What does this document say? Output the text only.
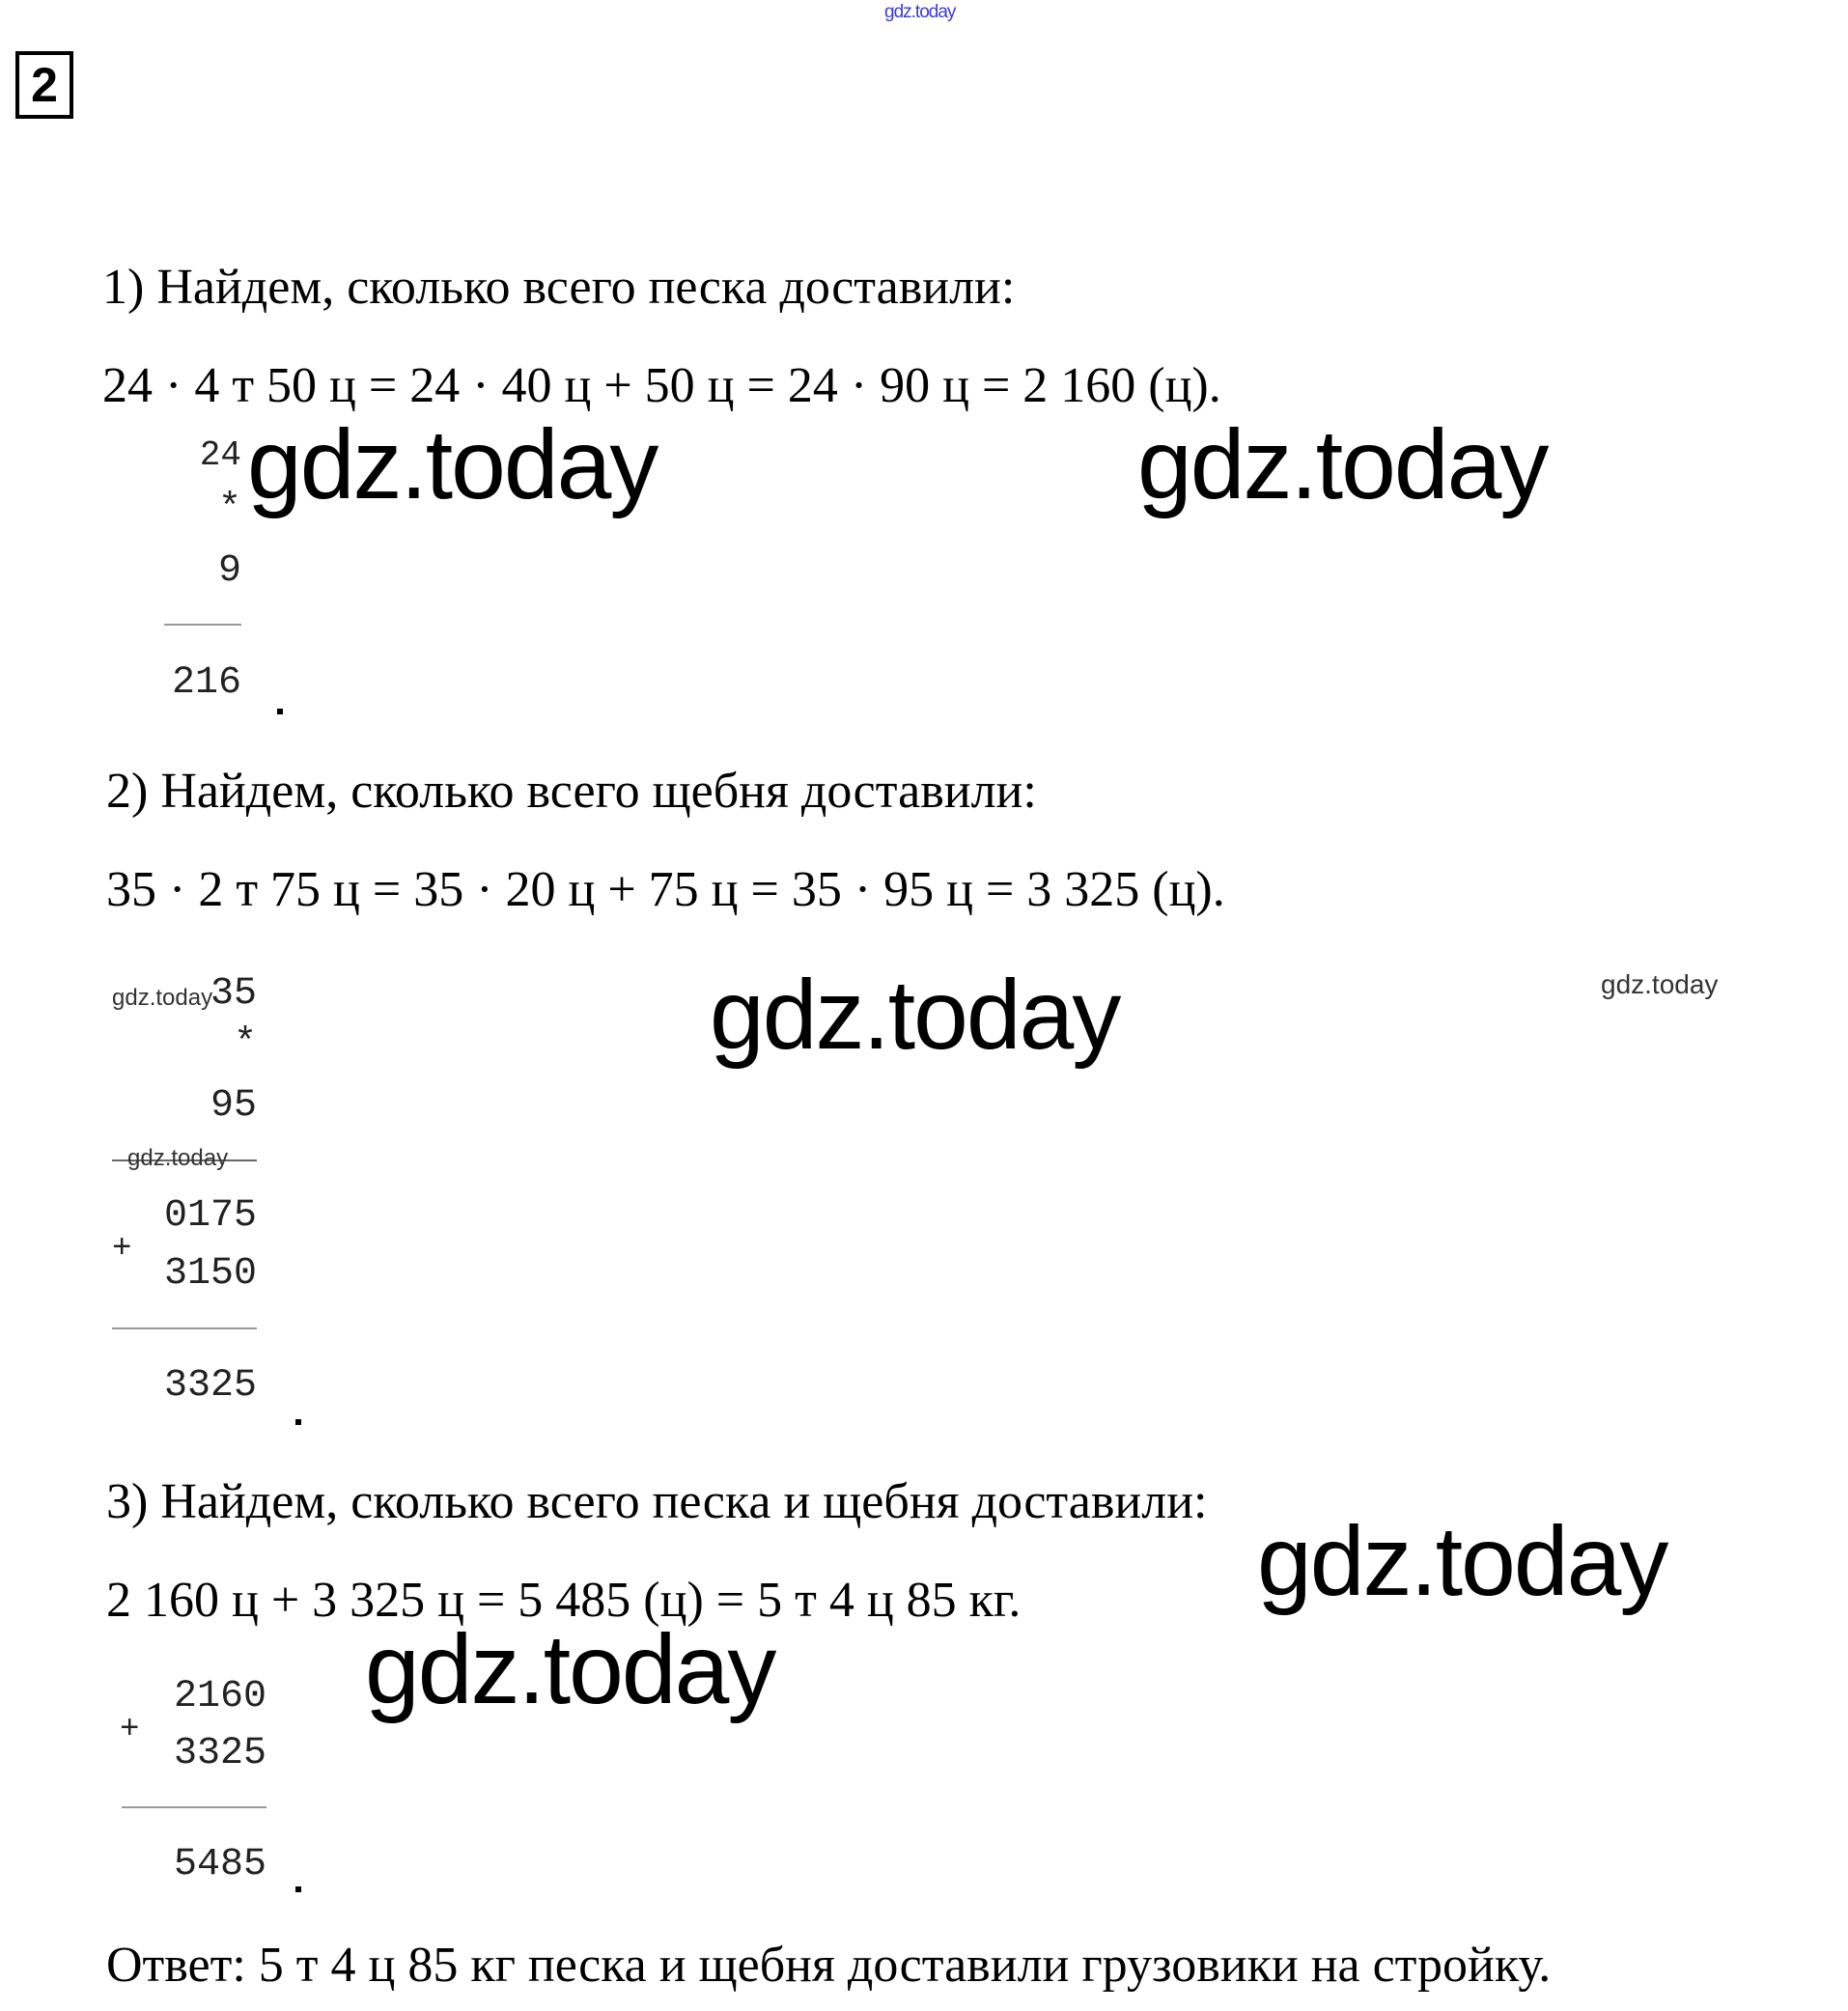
gdz.today
2
1) Найдем, сколько всего песка доставили:
24 · 4 т 50 ц = 24 · 40 ц + 50 ц = 24 · 90 ц = 2 160 (ц).
24
*
9
216
gdz.today	gdz.today
2) Найдем, сколько всего щебня доставили:
35 · 2 т 75 ц = 35 · 20 ц + 75 ц = 35 · 95 ц = 3 325 (ц).
gdz.today
35
*
95
gdz.today
0175
+
3150
3325
gdz.today	gdz.today
3) Найдем, сколько всего песка и щебня доставили:
2 160 ц + 3 325 ц = 5 485 (ц) = 5 т 4 ц 85 кг. gdz.today
gdz.today
2160
+
3325
5485
Ответ: 5 т 4 ц 85 кг песка и щебня доставили грузовики на стройку.
